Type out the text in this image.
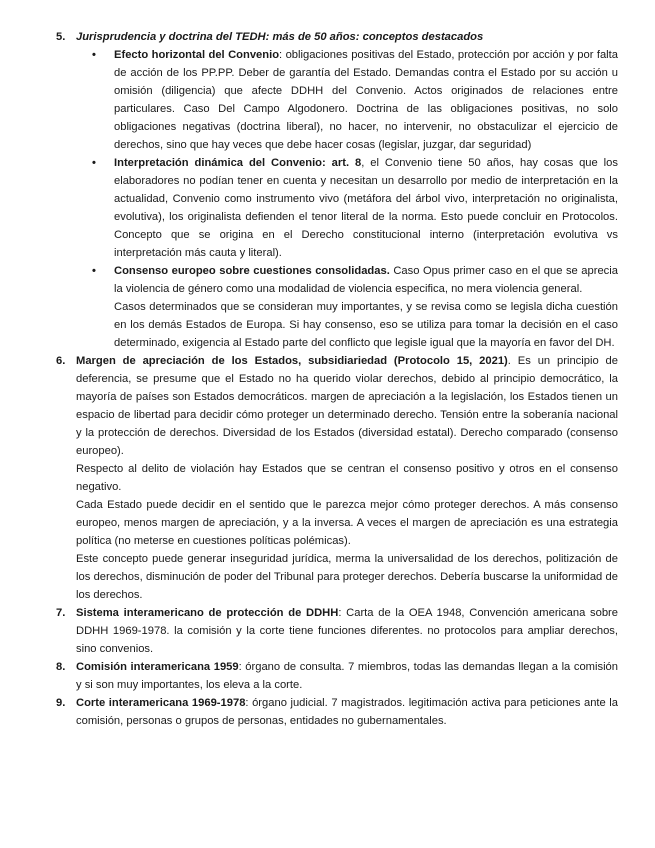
5. Jurisprudencia y doctrina del TEDH: más de 50 años: conceptos destacados

• Efecto horizontal del Convenio: obligaciones positivas del Estado, protección por acción y por falta de acción de los PP.PP. Deber de garantía del Estado. Demandas contra el Estado por su acción u omisión (diligencia) que afecte DDHH del Convenio. Actos originados de relaciones entre particulares. Caso Del Campo Algodonero. Doctrina de las obligaciones positivas, no solo obligaciones negativas (doctrina liberal), no hacer, no intervenir, no obstaculizar el ejercicio de derechos, sino que hay veces que debe hacer cosas (legislar, juzgar, dar seguridad)

• Interpretación dinámica del Convenio: art. 8, el Convenio tiene 50 años, hay cosas que los elaboradores no podían tener en cuenta y necesitan un desarrollo por medio de interpretación en la actualidad, Convenio como instrumento vivo (metáfora del árbol vivo, interpretación no originalista, evolutiva), los originalista defienden el tenor literal de la norma. Esto puede concluir en Protocolos. Concepto que se origina en el Derecho constitucional interno (interpretación evolutiva vs interpretación más cauta y literal).

• Consenso europeo sobre cuestiones consolidadas. Caso Opus primer caso en el que se aprecia la violencia de género como una modalidad de violencia especifica, no mera violencia general.

Casos determinados que se consideran muy importantes, y se revisa como se legisla dicha cuestión en los demás Estados de Europa. Si hay consenso, eso se utiliza para tomar la decisión en el caso determinado, exigencia al Estado parte del conflicto que legisle igual que la mayoría en favor del DH.

6. Margen de apreciación de los Estados, subsidiariedad (Protocolo 15, 2021). Es un principio de deferencia, se presume que el Estado no ha querido violar derechos, debido al principio democrático, la mayoría de países son Estados democráticos. margen de apreciación a la legislación, los Estados tienen un espacio de libertad para decidir cómo proteger un determinado derecho. Tensión entre la soberanía nacional y la protección de derechos. Diversidad de los Estados (diversidad estatal). Derecho comparado (consenso europeo).

Respecto al delito de violación hay Estados que se centran el consenso positivo y otros en el consenso negativo.

Cada Estado puede decidir en el sentido que le parezca mejor cómo proteger derechos. A más consenso europeo, menos margen de apreciación, y a la inversa. A veces el margen de apreciación es una estrategia política (no meterse en cuestiones políticas polémicas).

Este concepto puede generar inseguridad jurídica, merma la universalidad de los derechos, politización de los derechos, disminución de poder del Tribunal para proteger derechos. Debería buscarse la uniformidad de los derechos.

7. Sistema interamericano de protección de DDHH: Carta de la OEA 1948, Convención americana sobre DDHH 1969-1978. la comisión y la corte tiene funciones diferentes. no protocolos para ampliar derechos, sino convenios.

8. Comisión interamericana 1959: órgano de consulta. 7 miembros, todas las demandas llegan a la comisión y si son muy importantes, los eleva a la corte.

9. Corte interamericana 1969-1978: órgano judicial. 7 magistrados. legitimación activa para peticiones ante la comisión, personas o grupos de personas, entidades no gubernamentales.
